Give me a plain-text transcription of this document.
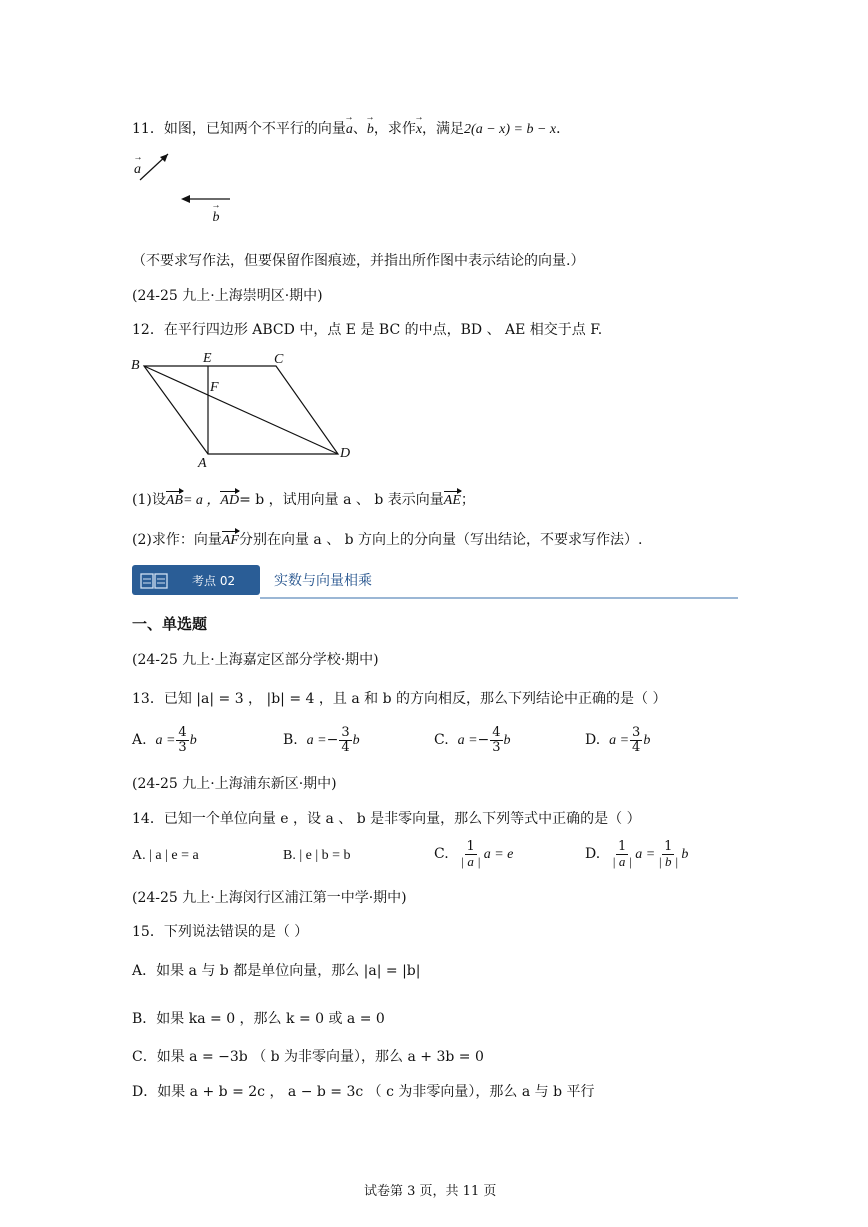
11．如图，已知两个不平行的向量→ a、→ b，求作→ x，满足2(a − x) = b − x．
→ a → b
（不要求写作法，但要保留作图痕迹，并指出所作图中表示结论的向量.）
(24-25 九上·上海崇明区·期中)
12．在平行四边形 ABCD 中，点 E 是 BC 的中点，BD 、 AE 相交于点 F.
B	E	C
F
A
D
(1)设AB= a ，AD= b ，试用向量 a 、 b 表示向量AE；
(2)求作：向量AF分别在向量 a 、 b 方向上的分向量（写出结论，不要求写作法）.
考点 02	实数与向量相乘
一、单选题
(24-25 九上·上海嘉定区部分学校·期中)
13．已知 |a| = 3 ， |b| = 4 ，且 a 和 b 的方向相反，那么下列结论中正确的是（ ）
A. $a = \frac{4}{3}$ b	B. $a =- \frac{3}{4}$ b	C. $a =- \frac{4}{3}$ b	D. $a = \frac{3}{4}$ b
(24-25 九上·上海浦东新区·期中)
14．已知一个单位向量 e ，设 a 、 b 是非零向量，那么下列等式中正确的是（ ）
A. | a | e = a	B. | e | b = b	C. $\frac{1}{| a |}$ a = e	D. $\frac{1}{| a |}$ $a = \frac{1}{| b |}$ b
(24-25 九上·上海闵行区浦江第一中学·期中)
15．下列说法错误的是（ ）
A．如果 a 与 b 都是单位向量，那么 |a| = |b|
B．如果 ka = 0 ，那么 k = 0 或 a = 0
C．如果 a = −3b （ b 为非零向量），那么 a + 3b = 0
D．如果 a + b = 2c ， a − b = 3c （ c 为非零向量），那么 a 与 b 平行
试卷第 3 页，共 11 页
